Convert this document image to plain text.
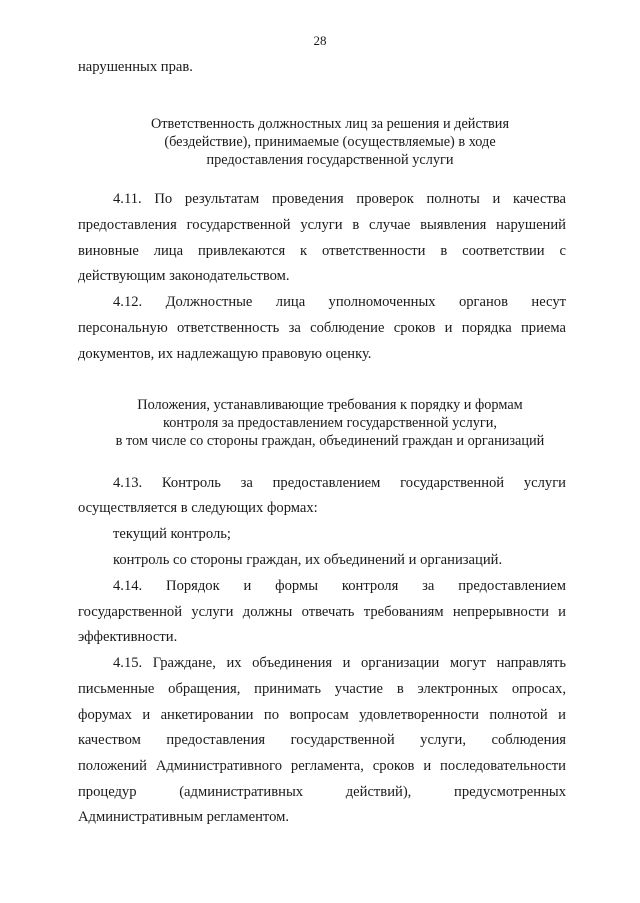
28
нарушенных прав.
Ответственность должностных лиц за решения и действия
(бездействие), принимаемые (осуществляемые) в ходе
предоставления государственной услуги
4.11. По результатам проведения проверок полноты и качества
предоставления государственной услуги в случае выявления нарушений
виновные лица привлекаются к ответственности в соответствии с
действующим законодательством.
4.12. Должностные лица уполномоченных органов несут
персональную ответственность за соблюдение сроков и порядка приема
документов, их надлежащую правовую оценку.
Положения, устанавливающие требования к порядку и формам
контроля за предоставлением государственной услуги,
в том числе со стороны граждан, объединений граждан и организаций
4.13. Контроль за предоставлением государственной услуги
осуществляется в следующих формах:
текущий контроль;
контроль со стороны граждан, их объединений и организаций.
4.14. Порядок и формы контроля за предоставлением
государственной услуги должны отвечать требованиям непрерывности и
эффективности.
4.15. Граждане, их объединения и организации могут направлять
письменные обращения, принимать участие в электронных опросах,
форумах и анкетировании по вопросам удовлетворенности полнотой и
качеством предоставления государственной услуги, соблюдения
положений Административного регламента, сроков и последовательности
процедур (административных действий), предусмотренных
Административным регламентом.
